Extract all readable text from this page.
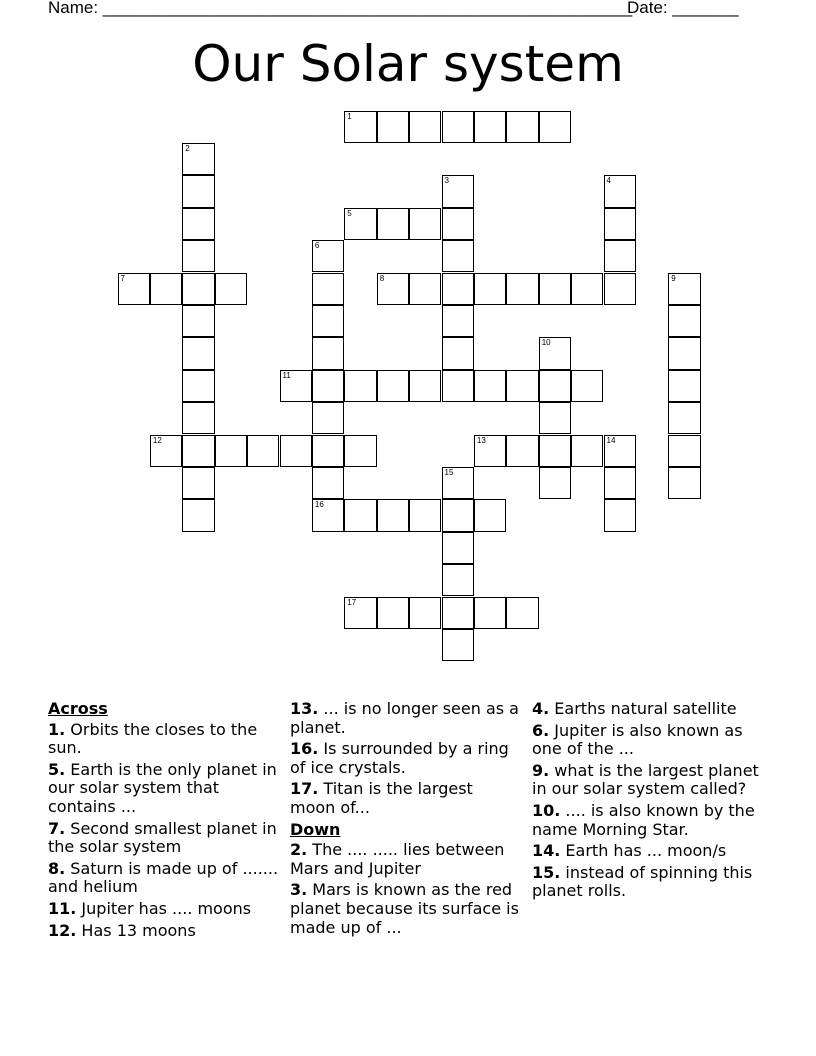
Name: ________________________________________________________
Date: _______
Our Solar system
1
2
3	4
5
6
7	8	9
10
11
12	13	14
15
16
17
Across
1. Orbits the closes to the sun.
5. Earth is the only planet in our solar system that contains ...
7. Second smallest planet in the solar system
8. Saturn is made up of ....... and helium
11. Jupiter has .... moons
12. Has 13 moons
13. ... is no longer seen as a planet.
16. Is surrounded by a ring of ice crystals.
17. Titan is the largest moon of...
Down
2. The .... ..... lies between Mars and Jupiter
3. Mars is known as the red planet because its surface is made up of ...
4. Earths natural satellite
6. Jupiter is also known as one of the ...
9. what is the largest planet in our solar system called?
10. .... is also known by the name Morning Star.
14. Earth has ... moon/s
15. instead of spinning this planet rolls.
